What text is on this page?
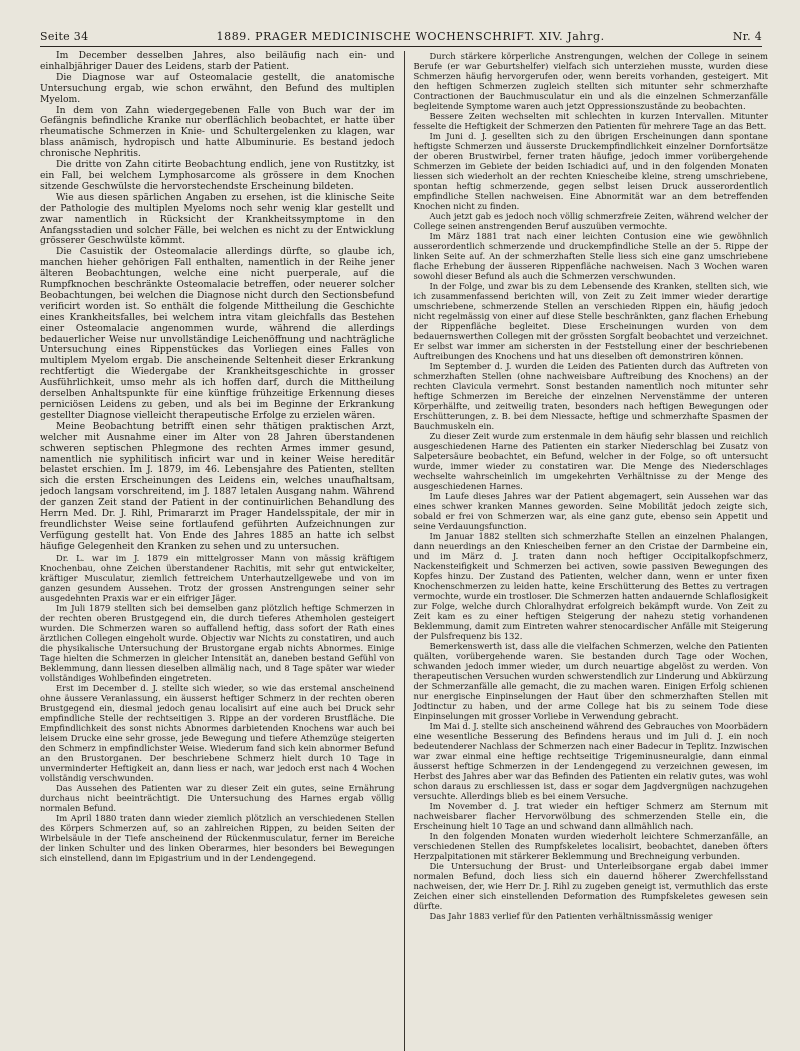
Seite 34	1889. PRAGER MEDICINISCHE WOCHENSCHRIFT. XIV. Jahrg.	Nr. 4

Im December desselben Jahres, also beiläufig nach ein- und einhalbjähriger Dauer des Leidens, starb der Patient.

Die Diagnose war auf Osteomalacie gestellt, die anatomische Untersuchung ergab, wie schon erwähnt, den Befund des multiplen Myelom.

In dem von Zahn wiedergegebenen Falle von Buch war der im Gefängnis befindliche Kranke nur oberflächlich beobachtet, er hatte über rheumatische Schmerzen in Knie- und Schultergelenken zu klagen, war blass anämisch, hydropisch und hatte Albuminurie. Es bestand jedoch chronische Nephritis.

Die dritte von Zahn citirte Beobachtung endlich, jene von Rustitzky, ist ein Fall, bei welchem Lymphosarcome als grössere in dem Knochen sitzende Geschwülste die hervorstechendste Erscheinung bildeten.

Wie aus diesen spärlichen Angaben zu ersehen, ist die klinische Seite der Pathologie des multiplen Myeloms noch sehr wenig klar gestellt und zwar namentlich in Rücksicht der Krankheitssymptome in den Anfangsstadien und solcher Fälle, bei welchen es nicht zu der Entwicklung grösserer Geschwülste kömmt.

Die Casuistik der Osteomalacie allerdings dürfte, so glaube ich, manchen hieher gehörigen Fall enthalten, namentlich in der Reihe jener älteren Beobachtungen, welche eine nicht puerperale, auf die Rumpfknochen beschränkte Osteomalacie betreffen, oder neuerer solcher Beobachtungen, bei welchen die Diagnose nicht durch den Sectionsbefund verificirt worden ist. So enthält die folgende Mittheilung die Geschichte eines Krankheitsfalles, bei welchem intra vitam gleichfalls das Bestehen einer Osteomalacie angenommen wurde, während die allerdings bedauerlicher Weise nur unvollständige Leichenöffnung und nachträgliche Untersuchung eines Rippenstückes das Vorliegen eines Falles von multiplem Myelom ergab. Die anscheinende Seltenheit dieser Erkrankung rechtfertigt die Wiedergabe der Krankheitsgeschichte in grosser Ausführlichkeit, umso mehr als ich hoffen darf, durch die Mittheilung derselben Anhaltspunkte für eine künftige frühzeitige Erkennung dieses perniciösen Leidens zu geben, und als bei im Beginne der Erkrankung gestellter Diagnose vielleicht therapeutische Erfolge zu erzielen wären.

Meine Beobachtung betrifft einen sehr thätigen praktischen Arzt, welcher mit Ausnahme einer im Alter von 28 Jahren überstandenen schweren septischen Phlegmone des rechten Armes immer gesund, namentlich nie syphilitisch inficirt war und in keiner Weise hereditär belastet erschien. Im J. 1879, im 46. Lebensjahre des Patienten, stellten sich die ersten Erscheinungen des Leidens ein, welches unaufhaltsam, jedoch langsam vorschreitend, im J. 1887 letalen Ausgang nahm. Während der ganzen Zeit stand der Patient in der continuirlichen Behandlung des Herrn Med. Dr. J. Rihl, Primararzt im Prager Handelsspitale, der mir in freundlichster Weise seine fortlaufend geführten Aufzeichnungen zur Verfügung gestellt hat. Von Ende des Jahres 1885 an hatte ich selbst häufige Gelegenheit den Kranken zu sehen und zu untersuchen.

Dr. L. war im J. 1879 ein mittelgrosser Mann von mässig kräftigem Knochenbau, ohne Zeichen überstandener Rachitis, mit sehr gut entwickelter, kräftiger Musculatur, ziemlich fettreichem Unterhautzellgewebe und von im ganzen gesundem Aussehen. Trotz der grossen Anstrengungen seiner sehr ausgedehnten Praxis war er ein eifriger Jäger.

Im Juli 1879 stellten sich bei demselben ganz plötzlich heftige Schmerzen in der rechten oberen Brustgegend ein, die durch tieferes Athemholen gesteigert wurden. Die Schmerzen waren so auffallend heftig, dass sofort der Rath eines ärztlichen Collegen eingeholt wurde. Objectiv war Nichts zu constatiren, und auch die physikalische Untersuchung der Brustorgane ergab nichts Abnormes. Einige Tage hielten die Schmerzen in gleicher Intensität an, daneben bestand Gefühl von Beklemmung, dann liessen dieselben allmälig nach, und 8 Tage später war wieder vollständiges Wohlbefinden eingetreten.

Erst im December d. J. stellte sich wieder, so wie das erstemal anscheinend ohne äussere Veranlassung, ein äusserst heftiger Schmerz in der rechten oberen Brustgegend ein, diesmal jedoch genau localisirt auf eine auch bei Druck sehr empfindliche Stelle der rechtseitigen 3. Rippe an der vorderen Brustfläche. Die Empfindlichkeit des sonst nichts Abnormes darbietenden Knochens war auch bei leisem Drucke eine sehr grosse, jede Bewegung und tiefere Athemzüge steigerten den Schmerz in empfindlichster Weise. Wiederum fand sich kein abnormer Befund an den Brustorganen. Der beschriebene Schmerz hielt durch 10 Tage in unverminderter Heftigkeit an, dann liess er nach, war jedoch erst nach 4 Wochen vollständig verschwunden.

Das Aussehen des Patienten war zu dieser Zeit ein gutes, seine Ernährung durchaus nicht beeinträchtigt. Die Untersuchung des Harnes ergab völlig normalen Befund.

Im April 1880 traten dann wieder ziemlich plötzlich an verschiedenen Stellen des Körpers Schmerzen auf, so an zahlreichen Rippen, zu beiden Seiten der Wirbelsäule in der Tiefe anscheinend der Rückenmusculatur, ferner im Bereiche der linken Schulter und des linken Oberarmes, hier besonders bei Bewegungen sich einstellend, dann im Epigastrium und in der Lendengegend.

Durch stärkere körperliche Anstrengungen, welchen der College in seinem Berufe (er war Geburtshelfer) vielfach sich unterziehen musste, wurden diese Schmerzen häufig hervorgerufen oder, wenn bereits vorhanden, gesteigert. Mit den heftigen Schmerzen zugleich stellten sich mitunter sehr schmerzhafte Contractionen der Bauchmusculatur ein und als die einzelnen Schmerzanfälle begleitende Symptome waren auch jetzt Oppressionszustände zu beobachten.

Bessere Zeiten wechselten mit schlechten in kurzen Intervallen. Mitunter fesselte die Heftigkeit der Schmerzen den Patienten für mehrere Tage an das Bett.

Im Juni d. J. gesellten sich zu den übrigen Erscheinungen dann spontane heftigste Schmerzen und äusserste Druckempfindlichkeit einzelner Dornfortsätze der oberen Brustwirbel, ferner traten häufige, jedoch immer vorübergehende Schmerzen im Gebiete der beiden Ischiadici auf, und in den folgenden Monaten liessen sich wiederholt an der rechten Kniescheibe kleine, streng umschriebene, spontan heftig schmerzende, gegen selbst leisen Druck ausserordentlich empfindliche Stellen nachweisen. Eine Abnormität war an dem betreffenden Knochen nicht zu finden.

Auch jetzt gab es jedoch noch völlig schmerzfreie Zeiten, während welcher der College seinen anstrengenden Beruf auszuüben vermochte.

Im März 1881 trat nach einer leichten Contusion eine wie gewöhnlich ausserordentlich schmerzende und druckempfindliche Stelle an der 5. Rippe der linken Seite auf. An der schmerzhaften Stelle liess sich eine ganz umschriebene flache Erhebung der äusseren Rippenfläche nachweisen. Nach 3 Wochen waren sowohl dieser Befund als auch die Schmerzen verschwunden.

In der Folge, und zwar bis zu dem Lebensende des Kranken, stellten sich, wie ich zusammenfassend berichten will, von Zeit zu Zeit immer wieder derartige umschriebene, schmerzende Stellen an verschieden Rippen ein, häufig jedoch nicht regelmässig von einer auf diese Stelle beschränkten, ganz flachen Erhebung der Rippenfläche begleitet. Diese Erscheinungen wurden von dem bedauernswerthen Collegen mit der grössten Sorgfalt beobachtet und verzeichnet. Er selbst war immer am sichersten in der Feststellung einer der beschriebenen Auftreibungen des Knochens und hat uns dieselben oft demonstriren können.

Im September d. J. wurden die Leiden des Patienten durch das Auftreten von schmerzhaften Stellen (ohne nachweisbare Auftreibung des Knochens) an der rechten Clavicula vermehrt. Sonst bestanden namentlich noch mitunter sehr heftige Schmerzen im Bereiche der einzelnen Nervenstämme der unteren Körperhälfte, und zeitweilig traten, besonders nach heftigen Bewegungen oder Erschütterungen, z. B. bei dem Niessacte, heftige und schmerzhafte Spasmen der Bauchmuskeln ein.

Zu dieser Zeit wurde zum erstenmale in dem häufig sehr blassen und reichlich ausgeschiedenen Harne des Patienten ein starker Niederschlag bei Zusatz von Salpetersäure beobachtet, ein Befund, welcher in der Folge, so oft untersucht wurde, immer wieder zu constatiren war. Die Menge des Niederschlages wechselte wahrscheinlich im umgekehrten Verhältnisse zu der Menge des ausgeschiedenen Harnes.

Im Laufe dieses Jahres war der Patient abgemagert, sein Aussehen war das eines schwer kranken Mannes geworden. Seine Mobilität jedoch zeigte sich, sobald er frei von Schmerzen war, als eine ganz gute, ebenso sein Appetit und seine Verdauungsfunction.

Im Januar 1882 stellten sich schmerzhafte Stellen an einzelnen Phalangen, dann neuerdings an den Kniescheiben ferner an den Cristae der Darmbeine ein, und im März d. J. traten dann noch heftiger Occipitalkopfschmerz, Nackensteifigkeit und Schmerzen bei activen, sowie passiven Bewegungen des Kopfes hinzu. Der Zustand des Patienten, welcher dann, wenn er unter fixen Knochenschmerzen zu leiden hatte, keine Erschütterung des Bettes zu vertragen vermochte, wurde ein trostloser. Die Schmerzen hatten andauernde Schlaflosigkeit zur Folge, welche durch Chloralhydrat erfolgreich bekämpft wurde. Von Zeit zu Zeit kam es zu einer heftigen Steigerung der nahezu stetig vorhandenen Beklemmung, damit zum Eintreten wahrer stenocardischer Anfälle mit Steigerung der Pulsfrequenz bis 132.

Bemerkenswerth ist, dass alle die vielfachen Schmerzen, welche den Patienten quälten, vorübergehende waren. Sie bestanden durch Tage oder Wochen, schwanden jedoch immer wieder, um durch neuartige abgelöst zu werden. Von therapeutischen Versuchen wurden schwerstendlich zur Linderung und Abkürzung der Schmerzanfälle alle gemacht, die zu machen waren. Einigen Erfolg schienen nur energische Einpinselungen der Haut über den schmerzhaften Stellen mit Jodtinctur zu haben, und der arme College hat bis zu seinem Tode diese Einpinselungen mit grosser Vorliebe in Verwendung gebracht.

Im Mai d. J. stellte sich anscheinend während des Gebrauches von Moorbädern eine wesentliche Besserung des Befindens heraus und im Juli d. J. ein noch bedeutenderer Nachlass der Schmerzen nach einer Badecur in Teplitz. Inzwischen war zwar einmal eine heftige rechtseitige Trigeminusneuralgie, dann einmal äusserst heftige Schmerzen in der Lendengegend zu verzeichnen gewesen, im Herbst des Jahres aber war das Befinden des Patienten ein relativ gutes, was wohl schon daraus zu erschliessen ist, dass er sogar dem Jagdvergnügen nachzugehen versuchte. Allerdings blieb es bei einem Versuche.

Im November d. J. trat wieder ein heftiger Schmerz am Sternum mit nachweisbarer flacher Hervorwölbung des schmerzenden Stelle ein, die Erscheinung hielt 10 Tage an und schwand dann allmählich nach.

In den folgenden Monaten wurden wiederholt leichtere Schmerzanfälle, an verschiedenen Stellen des Rumpfskeletes localisirt, beobachtet, daneben öfters Herzpalpitationen mit stärkerer Beklemmung und Brechneigung verbunden.

Die Untersuchung der Brust- und Unterleibsorgane ergab dabei immer normalen Befund, doch liess sich ein dauernd höherer Zwerchfellsstand nachweisen, der, wie Herr Dr. J. Rihl zu zugeben geneigt ist, vermuthlich das erste Zeichen einer sich einstellenden Deformation des Rumpfskeletes gewesen sein dürfte.

Das Jahr 1883 verlief für den Patienten verhältnissmässig weniger
